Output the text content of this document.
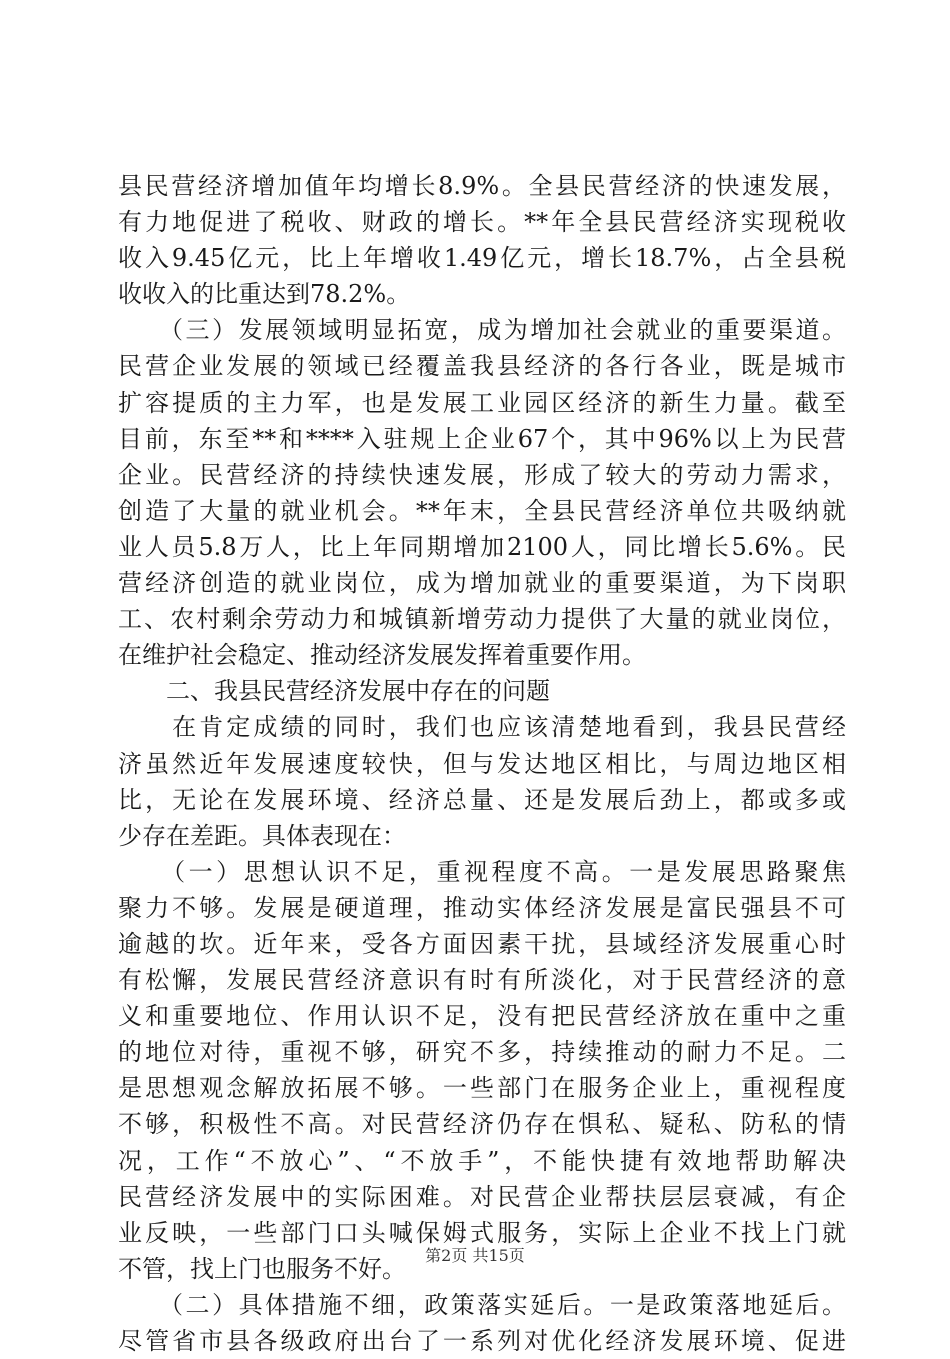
县民营经济增加值年均增长8.9%。全县民营经济的快速发展，
有力地促进了税收、财政的增长。**年全县民营经济实现税收
收入9.45亿元，比上年增收1.49亿元，增长18.7%，占全县税
收收入的比重达到78.2%。
　　（三）发展领域明显拓宽，成为增加社会就业的重要渠道。
民营企业发展的领域已经覆盖我县经济的各行各业，既是城市
扩容提质的主力军，也是发展工业园区经济的新生力量。截至
目前，东至**和****入驻规上企业67个，其中96%以上为民营
企业。民营经济的持续快速发展，形成了较大的劳动力需求，
创造了大量的就业机会。**年末，全县民营经济单位共吸纳就
业人员5.8万人，比上年同期增加2100人，同比增长5.6%。民
营经济创造的就业岗位，成为增加就业的重要渠道，为下岗职
工、农村剩余劳动力和城镇新增劳动力提供了大量的就业岗位，
在维护社会稳定、推动经济发展发挥着重要作用。
　　二、我县民营经济发展中存在的问题
　　在肯定成绩的同时，我们也应该清楚地看到，我县民营经
济虽然近年发展速度较快，但与发达地区相比，与周边地区相
比，无论在发展环境、经济总量、还是发展后劲上，都或多或
少存在差距。具体表现在：
　　（一）思想认识不足，重视程度不高。一是发展思路聚焦
聚力不够。发展是硬道理，推动实体经济发展是富民强县不可
逾越的坎。近年来，受各方面因素干扰，县域经济发展重心时
有松懈，发展民营经济意识有时有所淡化，对于民营经济的意
义和重要地位、作用认识不足，没有把民营经济放在重中之重
的地位对待，重视不够，研究不多，持续推动的耐力不足。二
是思想观念解放拓展不够。一些部门在服务企业上，重视程度
不够，积极性不高。对民营经济仍存在惧私、疑私、防私的情
况，工作“不放心”、“不放手”，不能快捷有效地帮助解决
民营经济发展中的实际困难。对民营企业帮扶层层衰减，有企
业反映，一些部门口头喊保姆式服务，实际上企业不找上门就
不管，找上门也服务不好。
　　（二）具体措施不细，政策落实延后。一是政策落地延后。
尽管省市县各级政府出台了一系列对优化经济发展环境、促进
第2页 共15页
